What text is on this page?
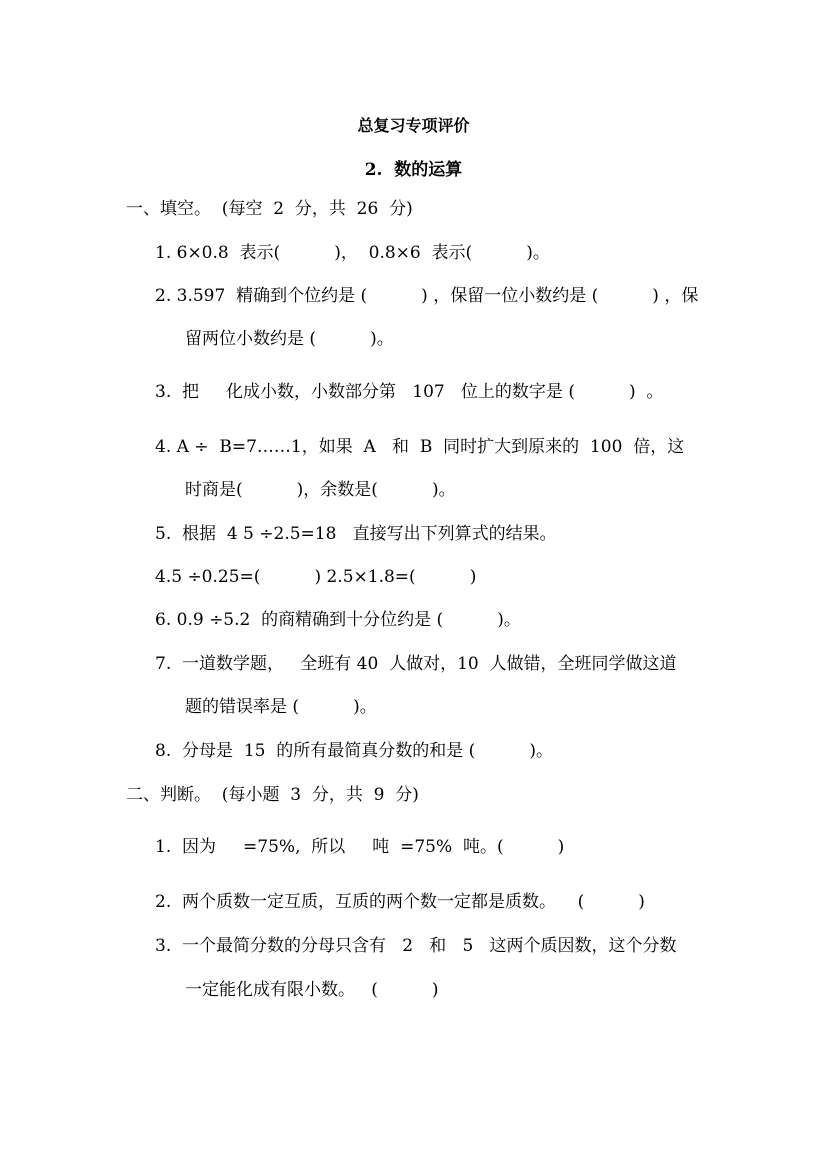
总复习专项评价
2.  数的运算
一、填空。  (每空  2  分，共  26  分)
1. 6×0.8  表示(          )，  0.8×6  表示(          )。
2. 3.597  精确到个位约是 (          ) ，保留一位小数约是 (          ) ，保
留两位小数约是 (          )。
3.  把     化成小数，小数部分第   107   位上的数字是 (          )  。
4. A ÷  B=7……1，如果  A   和  B  同时扩大到原来的  100  倍，这
时商是(          )，余数是(          )。
5.  根据  4 5 ÷2.5=18   直接写出下列算式的结果。
4.5 ÷0.25=(          ) 2.5×1.8=(          )
6. 0.9 ÷5.2  的商精确到十分位约是 (          )。
7.  一道数学题，   全班有 40  人做对，10  人做错，全班同学做这道
题的错误率是 (          )。
8.  分母是  15  的所有最简真分数的和是 (          )。
二、判断。  (每小题  3  分，共  9  分)
1.  因为     =75%,  所以     吨  =75%  吨。(          )
2.  两个质数一定互质，互质的两个数一定都是质数。    (          )
3.  一个最简分数的分母只含有   2   和   5   这两个质因数，这个分数
一定能化成有限小数。   (          )
